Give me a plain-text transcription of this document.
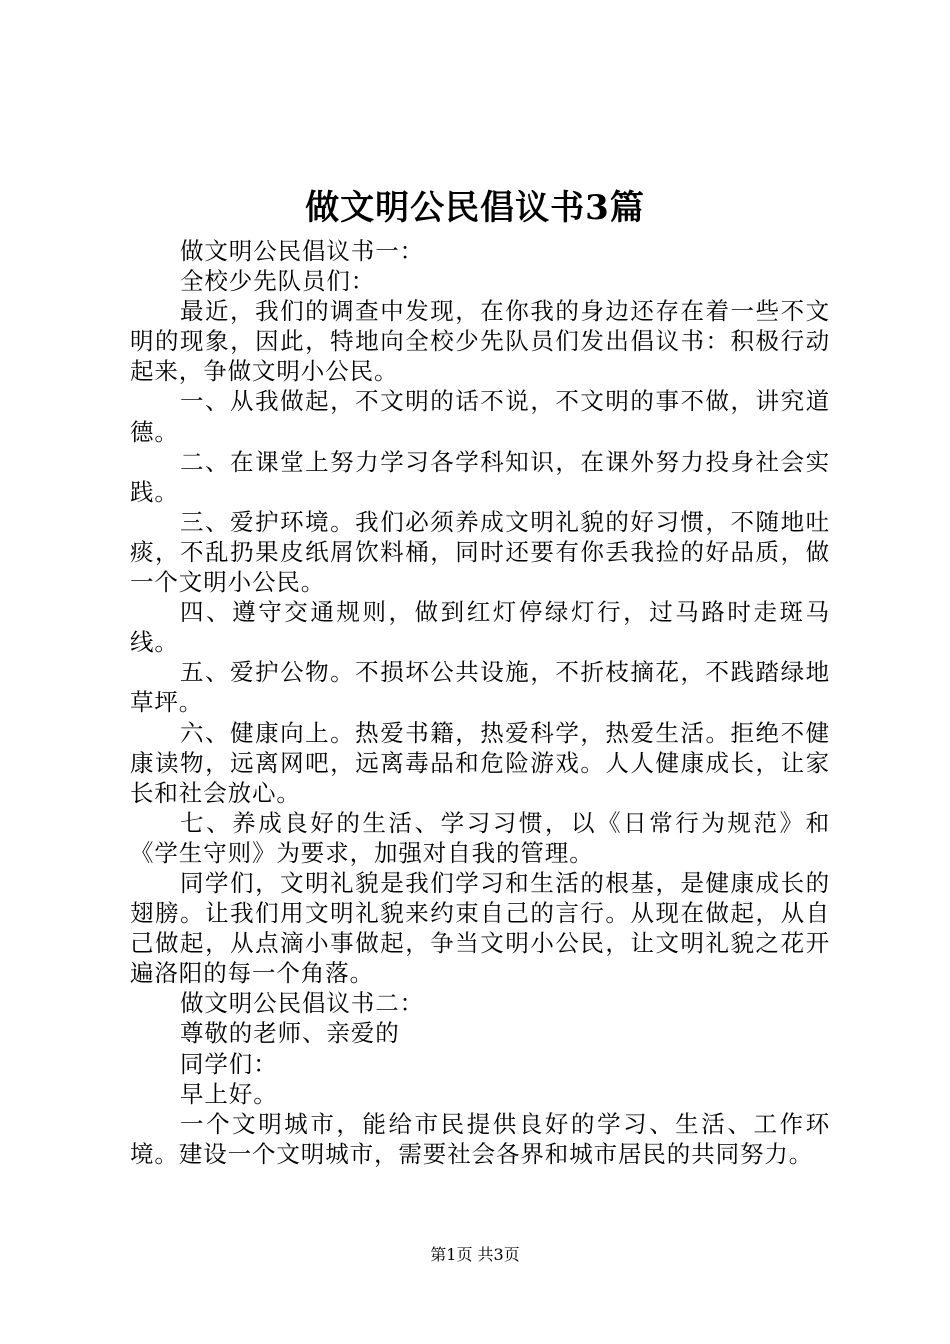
做文明公民倡议书3篇

做文明公民倡议书一：

全校少先队员们：

最近，我们的调查中发现，在你我的身边还存在着一些不文明的现象，因此，特地向全校少先队员们发出倡议书：积极行动起来，争做文明小公民。

一、从我做起，不文明的话不说，不文明的事不做，讲究道德。

二、在课堂上努力学习各学科知识，在课外努力投身社会实践。

三、爱护环境。我们必须养成文明礼貌的好习惯，不随地吐痰，不乱扔果皮纸屑饮料桶，同时还要有你丢我捡的好品质，做一个文明小公民。

四、遵守交通规则，做到红灯停绿灯行，过马路时走斑马线。

五、爱护公物。不损坏公共设施，不折枝摘花，不践踏绿地草坪。

六、健康向上。热爱书籍，热爱科学，热爱生活。拒绝不健康读物，远离网吧，远离毒品和危险游戏。人人健康成长，让家长和社会放心。

七、养成良好的生活、学习习惯，以《日常行为规范》和《学生守则》为要求，加强对自我的管理。

同学们，文明礼貌是我们学习和生活的根基，是健康成长的翅膀。让我们用文明礼貌来约束自己的言行。从现在做起，从自己做起，从点滴小事做起，争当文明小公民，让文明礼貌之花开遍洛阳的每一个角落。

做文明公民倡议书二：

尊敬的老师、亲爱的

同学们：

早上好。

一个文明城市，能给市民提供良好的学习、生活、工作环境。建设一个文明城市，需要社会各界和城市居民的共同努力。

第1页 共3页
